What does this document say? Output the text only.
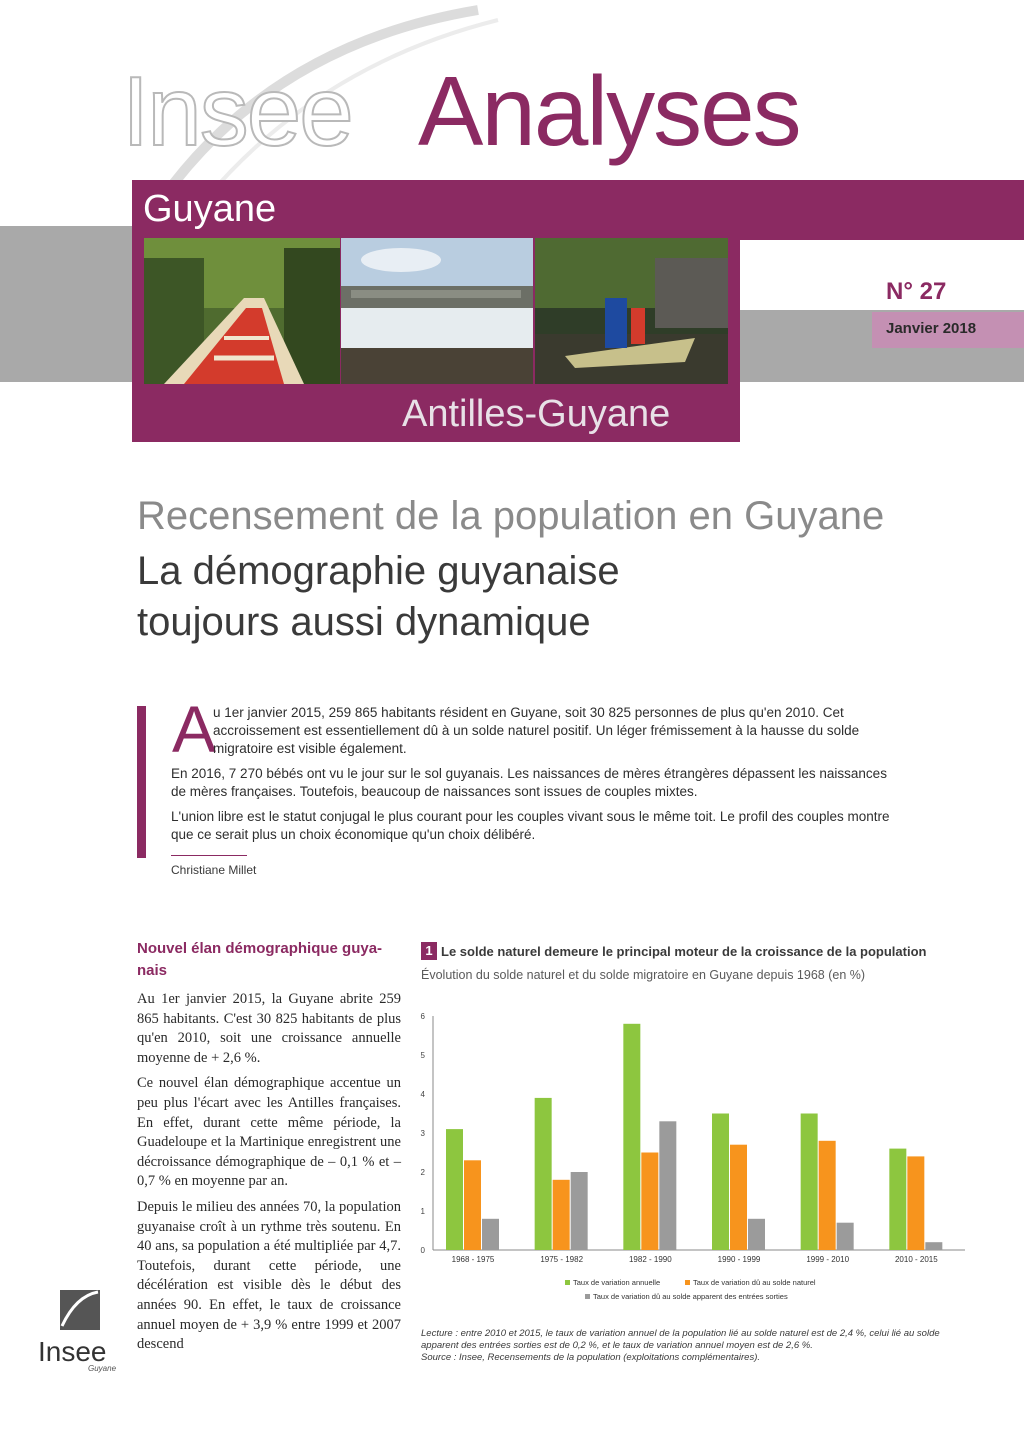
Insee Analyses
Guyane
N° 27
Janvier 2018
Antilles-Guyane
Recensement de la population en Guyane
La démographie guyanaise
toujours aussi dynamique
A

u 1er janvier 2015, 259 865 habitants résident en Guyane, soit 30 825 personnes de plus qu'en 2010. Cet accroissement est essentiellement dû à un solde naturel positif. Un léger frémissement à la hausse du solde migratoire est visible également.

En 2016, 7 270 bébés ont vu le jour sur le sol guyanais. Les naissances de mères étrangères dépassent les naissances de mères françaises. Toutefois, beaucoup de naissances sont issues de couples mixtes.

L'union libre est le statut conjugal le plus courant pour les couples vivant sous le même toit. Le profil des couples montre que ce serait plus un choix économique qu'un choix délibéré.

Christiane Millet
Nouvel élan démographique guya-nais

Au 1er janvier 2015, la Guyane abrite 259 865 habitants. C'est 30 825 habitants de plus qu'en 2010, soit une croissance annuelle moyenne de + 2,6 %.

Ce nouvel élan démographique accentue un peu plus l'écart avec les Antilles françaises. En effet, durant cette même période, la Guadeloupe et la Martinique enregistrent une décroissance démographique de – 0,1 % et – 0,7 % en moyenne par an.

Depuis le milieu des années 70, la population guyanaise croît à un rythme très soutenu. En 40 ans, sa population a été multipliée par 4,7. Toutefois, durant cette période, une décélération est visible dès le début des années 90. En effet, le taux de croissance annuel moyen de + 3,9 % entre 1999 et 2007 descend

1 Le solde naturel demeure le principal moteur de la croissance de la population
Évolution du solde naturel et du solde migratoire en Guyane depuis 1968 (en %)
0
1
2
3
4
5
6
1968 - 1975	1975 - 1982	1982 - 1990	1990 - 1999	1999 - 2010	2010 - 2015
Taux de variation annuelle	Taux de variation dû au solde naturel
Taux de variation dû au solde apparent des entrées sorties
Lecture : entre 2010 et 2015, le taux de variation annuel de la population lié au solde naturel est de 2,4 %, celui lié au solde apparent des entrées sorties est de 0,2 %, et le taux de variation annuel moyen est de 2,6 %.
Source : Insee, Recensements de la population (exploitations complémentaires).
Insee
Guyane
